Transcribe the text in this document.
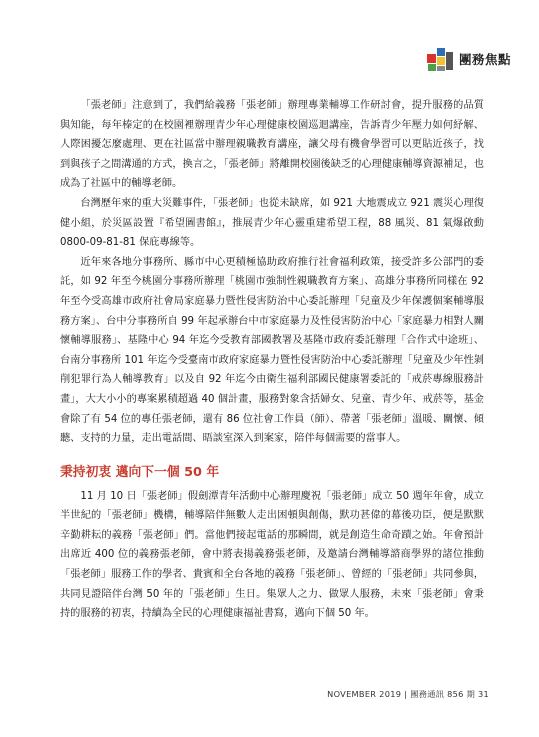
團務焦點

「張老師」注意到了，我們給義務「張老師」辦理專業輔導工作研討會，提升服務的品質與知能，每年榛定的在校園裡辦理青少年心理健康校園巡迴講座，告訴青少年壓力如何紓解、人際困擾怎麼處理、更在社區當中辦理親職教育講座，讓父母有機會學習可以更貼近孩子，找到與孩子之間溝通的方式，換言之，「張老師」將離開校園後缺乏的心理健康輔導資源補足，也成為了社區中的輔導老師。

台灣歷年來的重大災難事件，「張老師」也從未缺席，如 921 大地震成立 921 震災心理復健小組，於災區設置『希望圖書館』，推展青少年心靈重建希望工程，88 風災、81 氣爆啟動 0800-09-81-81 保庇專線等。

近年來各地分事務所、縣市中心更積極協助政府推行社會福利政策，接受許多公部門的委託，如 92 年至今桃園分事務所辦理「桃園市強制性親職教育方案」、高雄分事務所同樣在 92 年至今受高雄市政府社會局家庭暴力暨性侵害防治中心委託辦理「兒童及少年保護個案輔導服務方案」、台中分事務所自 99 年起承辦台中市家庭暴力及性侵害防治中心「家庭暴力相對人關懷輔導服務」、基隆中心 94 年迄今受教育部國教署及基隆市政府委託辦理「合作式中途班」、台南分事務所 101 年迄今受臺南市政府家庭暴力暨性侵害防治中心委託辦理「兒童及少年性剝削犯罪行為人輔導教育」以及自 92 年迄今由衛生福利部國民健康署委託的「戒菸專線服務計畫」，大大小小的專案累積超過 40 個計畫，服務對象含括婦女、兒童、青少年、戒菸等，基金會除了有 54 位的專任張老師，還有 86 位社會工作員（師）、帶著「張老師」溫暖、關懷、傾聽、支持的力量，走出電話間、晤談室深入到案家，陪伴每個需要的當事人。

秉持初衷 邁向下一個 50 年

11 月 10 日「張老師」假劍潭青年活動中心辦理慶祝「張老師」成立 50 週年年會，成立半世紀的「張老師」機構，輔導陪伴無數人走出困頓與創傷，默功甚偉的幕後功臣，便是默默辛勤耕耘的義務「張老師」們。當他們接起電話的那瞬間，就是創造生命奇蹟之始。年會預計出席近 400 位的義務張老師，會中將表揚義務張老師，及邀請台灣輔導諮商學界的諸位推動「張老師」服務工作的學者、貴賓和全台各地的義務「張老師」、曾經的「張老師」共同參與，共同見證陪伴台灣 50 年的「張老師」生日。集眾人之力、做眾人服務，未來「張老師」會秉持的服務的初衷，持續為全民的心理健康福祉書寫，邁向下個 50 年。

NOVEMBER 2019 | 團務通訊 856 期 31
